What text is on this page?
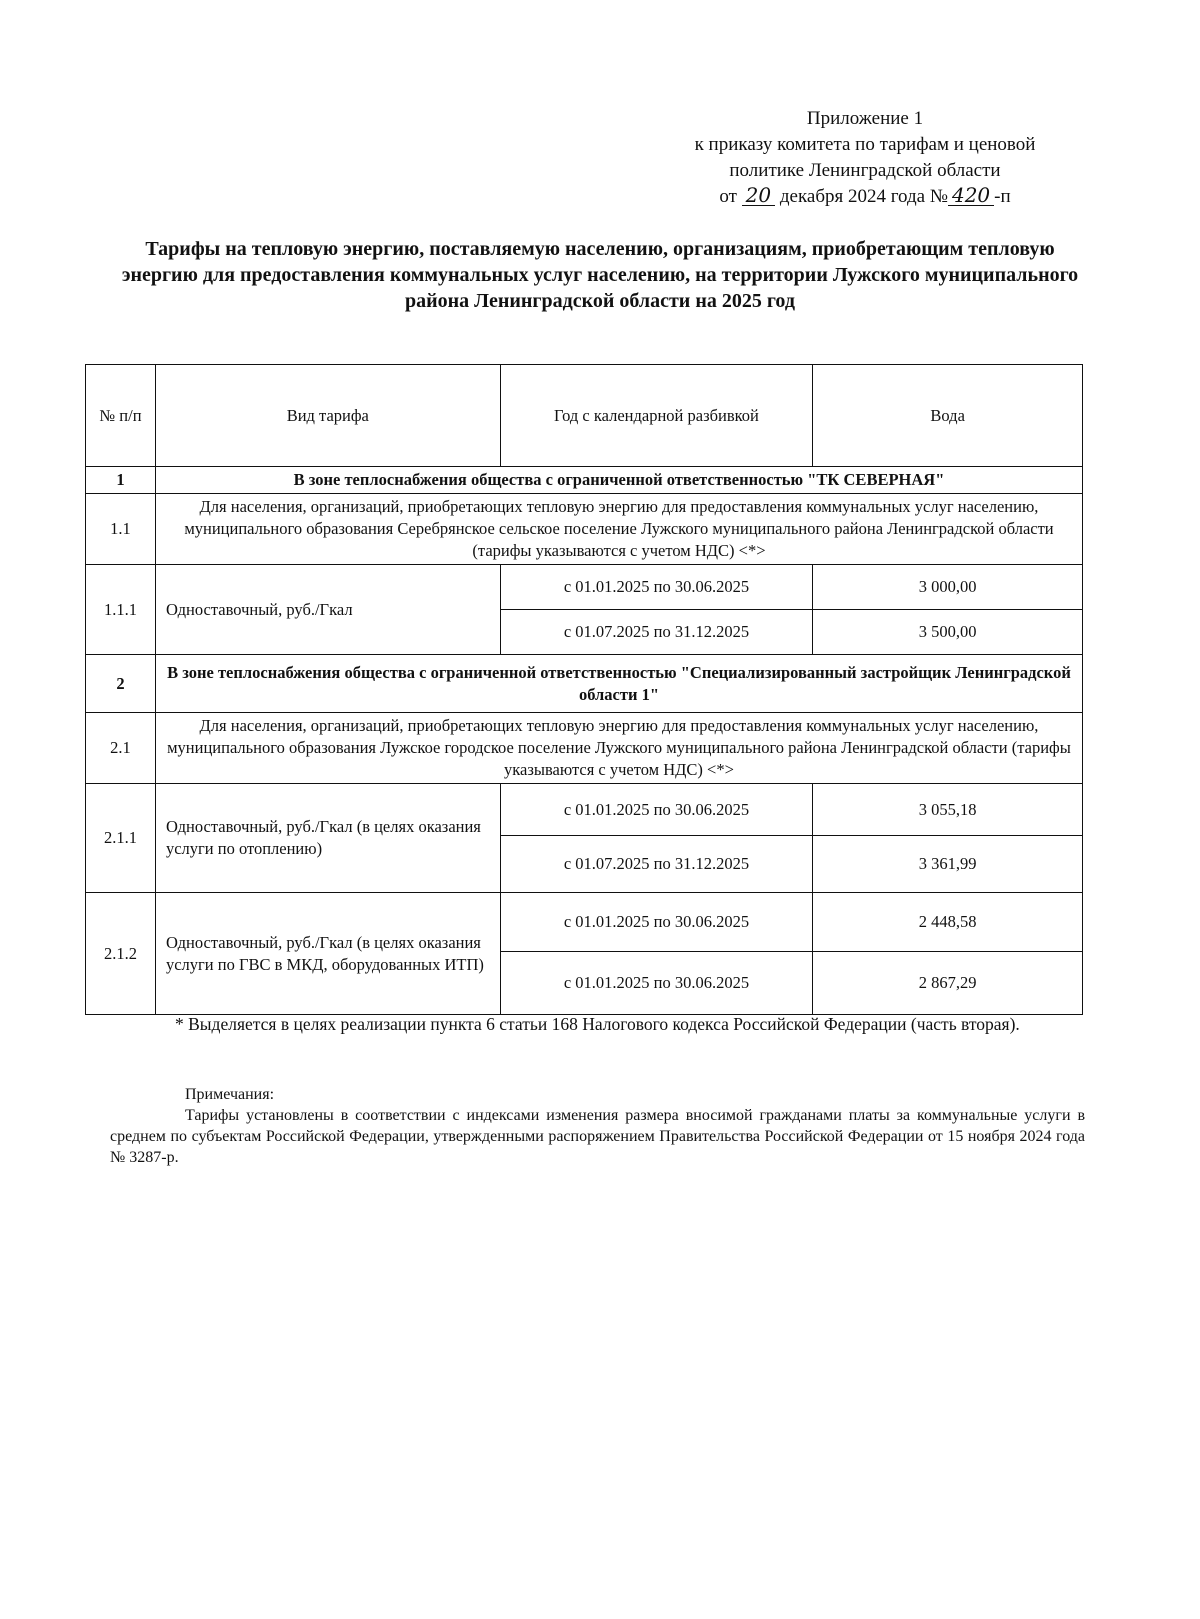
Приложение 1
к приказу комитета по тарифам и ценовой
политике Ленинградской области
от 20 декабря 2024 года № 420 -п
Тарифы на тепловую энергию, поставляемую населению, организациям, приобретающим тепловую энергию для предоставления коммунальных услуг населению, на территории Лужского муниципального района Ленинградской области на 2025 год
№ п/п	Вид тарифа	Год с календарной разбивкой	Вода
1	В зоне теплоснабжения общества с ограниченной ответственностью "ТК СЕВЕРНАЯ"		
1.1	Для населения, организаций, приобретающих тепловую энергию для предоставления коммунальных услуг населению, муниципального образования Серебрянское сельское поселение Лужского муниципального района Ленинградской области (тарифы указываются с учетом НДС) <*>		
1.1.1	Одноставочный, руб./Гкал	с 01.01.2025 по 30.06.2025	3 000,00
		с 01.07.2025 по 31.12.2025	3 500,00
2	В зоне теплоснабжения общества с ограниченной ответственностью "Специализированный застройщик Ленинградской области 1"		
2.1	Для населения, организаций, приобретающих тепловую энергию для предоставления коммунальных услуг населению, муниципального образования Лужское городское поселение Лужского муниципального района Ленинградской области (тарифы указываются с учетом НДС) <*>		
2.1.1	Одноставочный, руб./Гкал (в целях оказания услуги по отоплению)	с 01.01.2025 по 30.06.2025	3 055,18
		с 01.07.2025 по 31.12.2025	3 361,99
2.1.2	Одноставочный, руб./Гкал (в целях оказания услуги по ГВС в МКД, оборудованных ИТП)	с 01.01.2025 по 30.06.2025	2 448,58
		с 01.01.2025 по 30.06.2025	2 867,29

* Выделяется в целях реализации пункта 6 статьи 168 Налогового кодекса Российской Федерации (часть вторая).

Примечания:

Тарифы установлены в соответствии с индексами изменения размера вносимой гражданами платы за коммунальные услуги в среднем по субъектам Российской Федерации, утвержденными распоряжением Правительства Российской Федерации от 15 ноября 2024 года № 3287-р.
